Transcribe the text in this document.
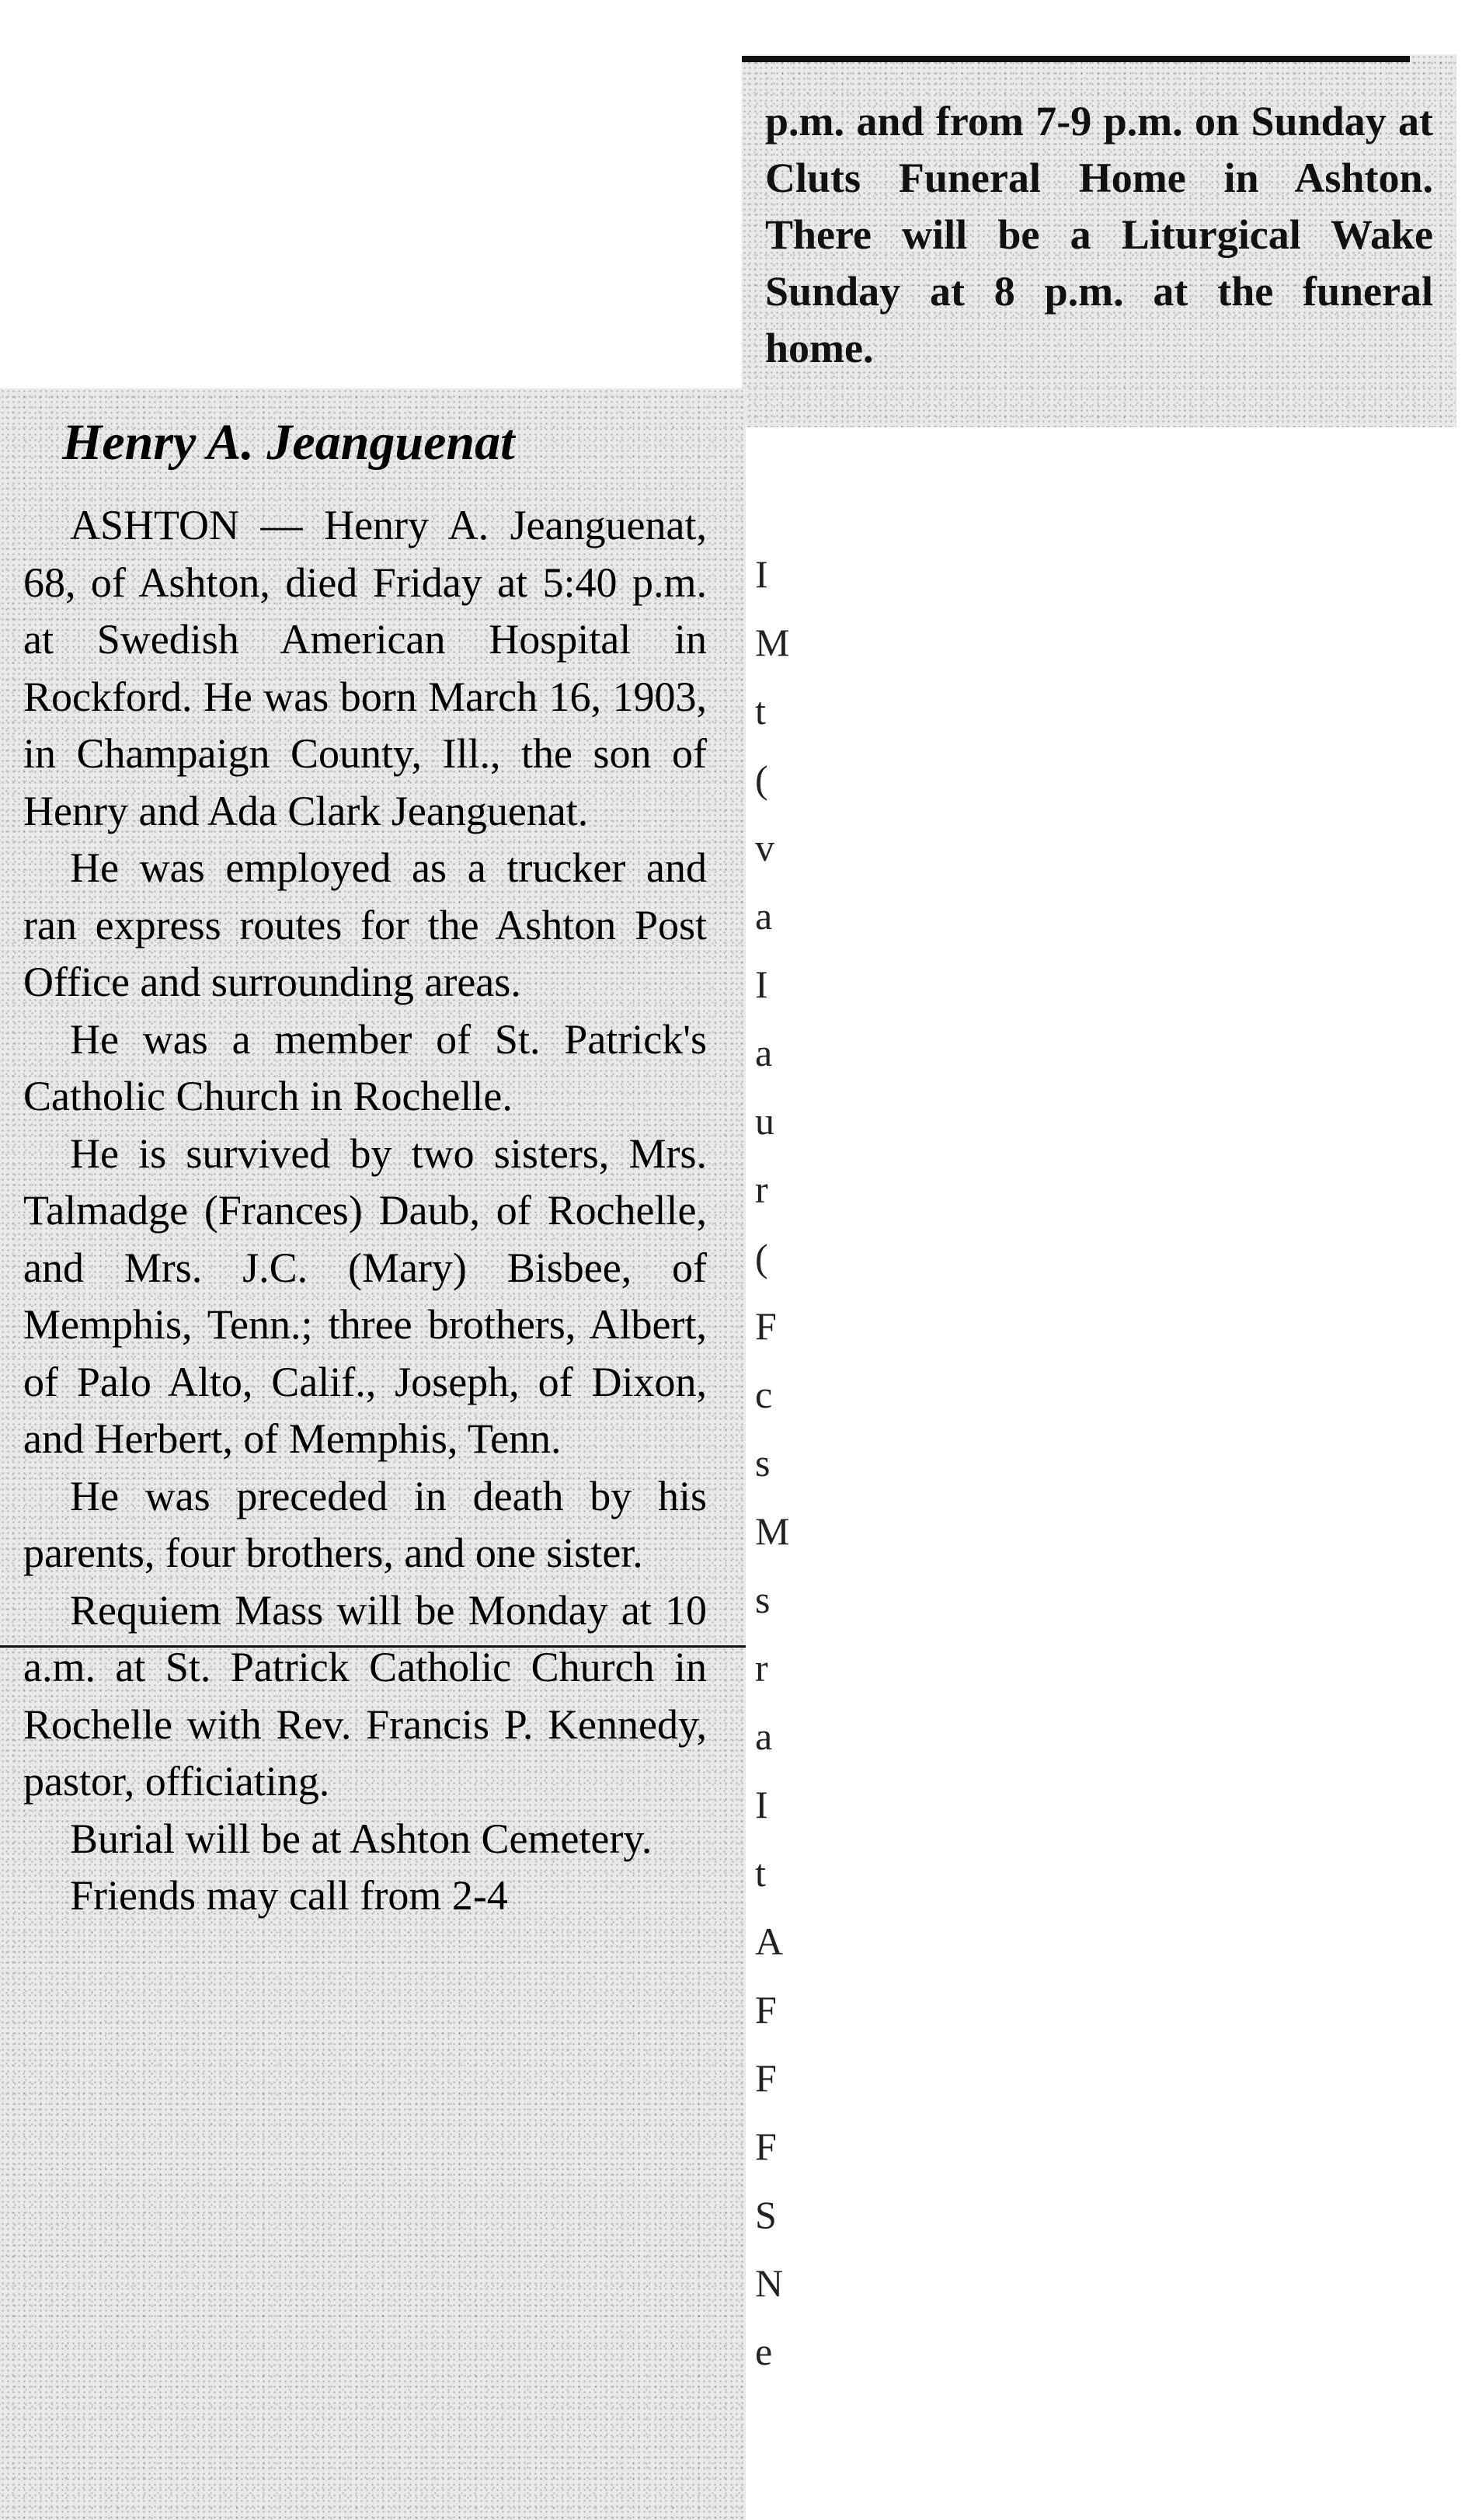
p.m. and from 7-9 p.m. on Sunday at Cluts Funeral Home in Ashton. There will be a Liturgical Wake Sunday at 8 p.m. at the funeral home.
Henry A. Jeanguenat

ASHTON — Henry A. Jeanguenat, 68, of Ashton, died Friday at 5:40 p.m. at Swedish American Hospital in Rockford. He was born March 16, 1903, in Champaign County, Ill., the son of Henry and Ada Clark Jeanguenat.

He was employed as a trucker and ran express routes for the Ashton Post Office and surrounding areas.

He was a member of St. Patrick's Catholic Church in Rochelle.

He is survived by two sisters, Mrs. Talmadge (Frances) Daub, of Rochelle, and Mrs. J.C. (Mary) Bisbee, of Memphis, Tenn.; three brothers, Albert, of Palo Alto, Calif., Joseph, of Dixon, and Herbert, of Memphis, Tenn.

He was preceded in death by his parents, four brothers, and one sister.

Requiem Mass will be Monday at 10 a.m. at St. Patrick Catholic Church in Rochelle with Rev. Francis P. Kennedy, pastor, officiating.

Burial will be at Ashton Cemetery.

Friends may call from 2-4

I
M
t
(
v
a
I
a
u
r
(
F
c
s
M
s
r
a
I
t
A
F
F
F
S
N
e
